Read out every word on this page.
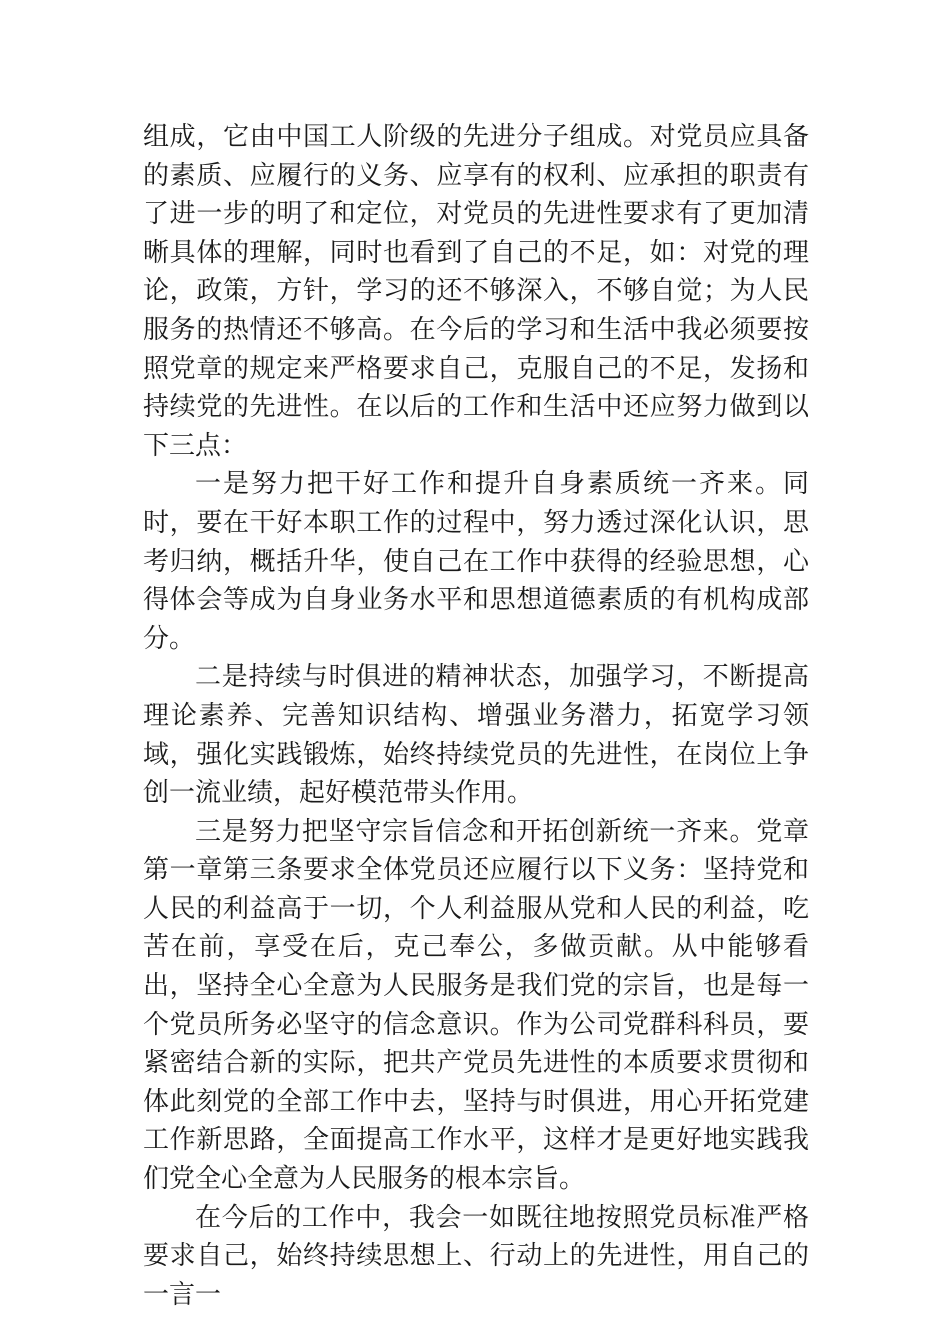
组成，它由中国工人阶级的先进分子组成。对党员应具备的素质、应履行的义务、应享有的权利、应承担的职责有了进一步的明了和定位，对党员的先进性要求有了更加清晰具体的理解，同时也看到了自己的不足，如：对党的理论，政策，方针，学习的还不够深入，不够自觉；为人民服务的热情还不够高。在今后的学习和生活中我必须要按照党章的规定来严格要求自己，克服自己的不足，发扬和持续党的先进性。在以后的工作和生活中还应努力做到以下三点：

一是努力把干好工作和提升自身素质统一齐来。同时，要在干好本职工作的过程中，努力透过深化认识，思考归纳，概括升华，使自己在工作中获得的经验思想，心得体会等成为自身业务水平和思想道德素质的有机构成部分。

二是持续与时俱进的精神状态，加强学习，不断提高理论素养、完善知识结构、增强业务潜力，拓宽学习领域，强化实践锻炼，始终持续党员的先进性，在岗位上争创一流业绩，起好模范带头作用。

三是努力把坚守宗旨信念和开拓创新统一齐来。党章第一章第三条要求全体党员还应履行以下义务：坚持党和人民的利益高于一切，个人利益服从党和人民的利益，吃苦在前，享受在后，克己奉公，多做贡献。从中能够看出，坚持全心全意为人民服务是我们党的宗旨，也是每一个党员所务必坚守的信念意识。作为公司党群科科员，要紧密结合新的实际，把共产党员先进性的本质要求贯彻和体此刻党的全部工作中去，坚持与时俱进，用心开拓党建工作新思路，全面提高工作水平，这样才是更好地实践我们党全心全意为人民服务的根本宗旨。

在今后的工作中，我会一如既往地按照党员标准严格要求自己，始终持续思想上、行动上的先进性，用自己的一言一
